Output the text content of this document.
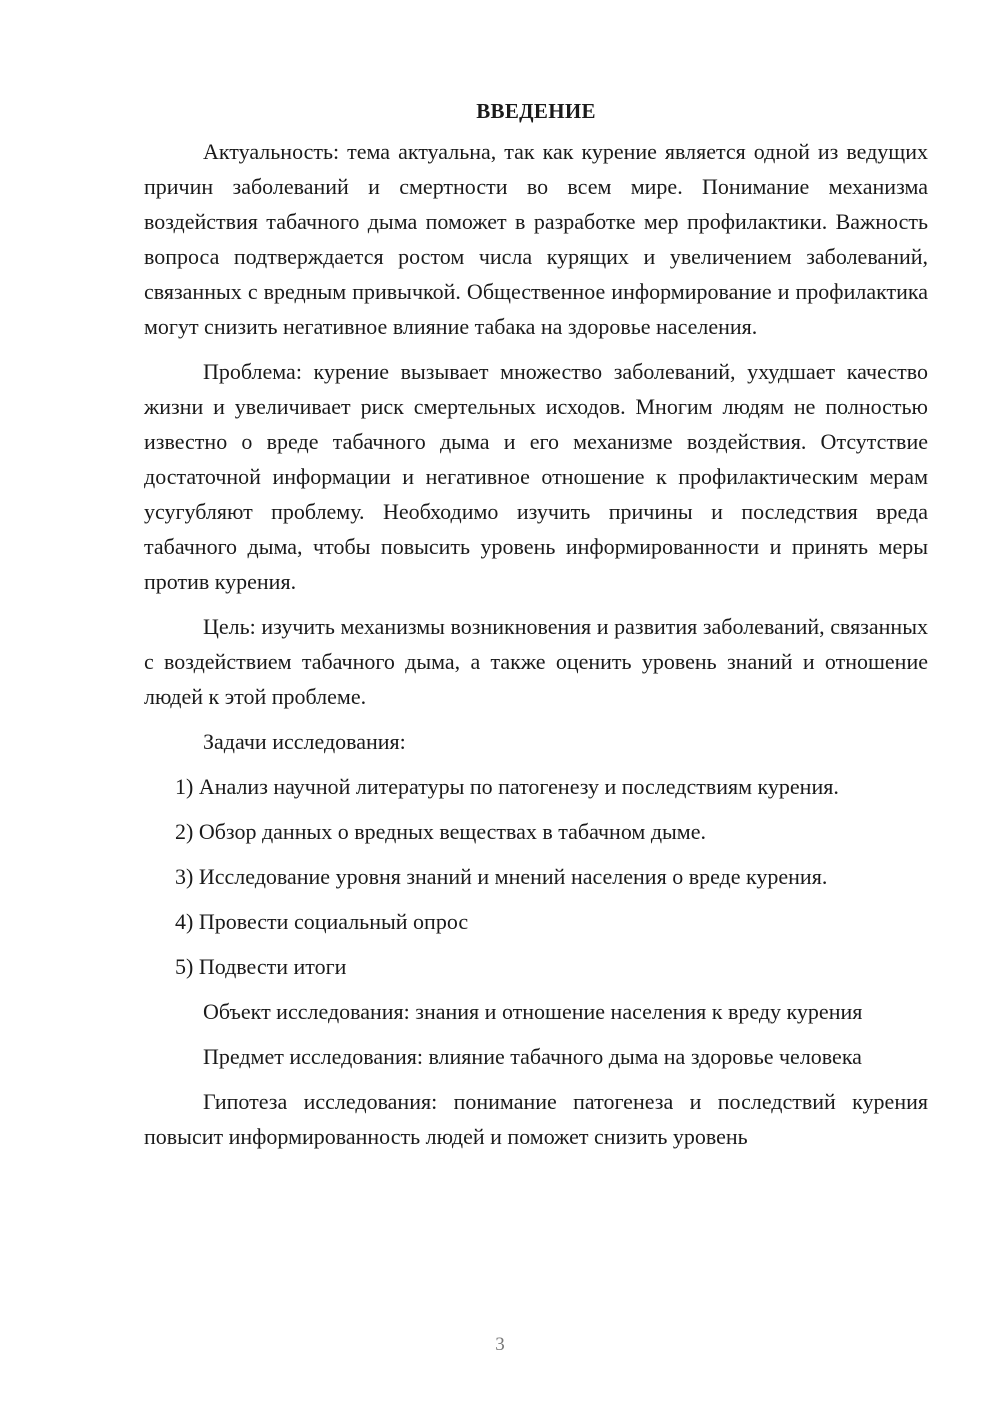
ВВЕДЕНИЕ

Актуальность: тема актуальна, так как курение является одной из ведущих причин заболеваний и смертности во всем мире. Понимание механизма воздействия табачного дыма поможет в разработке мер профилактики. Важность вопроса подтверждается ростом числа курящих и увеличением заболеваний, связанных с вредным привычкой. Общественное информирование и профилактика могут снизить негативное влияние табака на здоровье населения.

Проблема: курение вызывает множество заболеваний, ухудшает качество жизни и увеличивает риск смертельных исходов. Многим людям не полностью известно о вреде табачного дыма и его механизме воздействия. Отсутствие достаточной информации и негативное отношение к профилактическим мерам усугубляют проблему. Необходимо изучить причины и последствия вреда табачного дыма, чтобы повысить уровень информированности и принять меры против курения.

Цель: изучить механизмы возникновения и развития заболеваний, связанных с воздействием табачного дыма, а также оценить уровень знаний и отношение людей к этой проблеме.

Задачи исследования:

1) Анализ научной литературы по патогенезу и последствиям курения.
2) Обзор данных о вредных веществах в табачном дыме.
3) Исследование уровня знаний и мнений населения о вреде курения.
4) Провести социальный опрос
5) Подвести итоги

Объект исследования: знания и отношение населения к вреду курения

Предмет исследования: влияние табачного дыма на здоровье человека

Гипотеза исследования: понимание патогенеза и последствий курения повысит информированность людей и поможет снизить уровень

3
